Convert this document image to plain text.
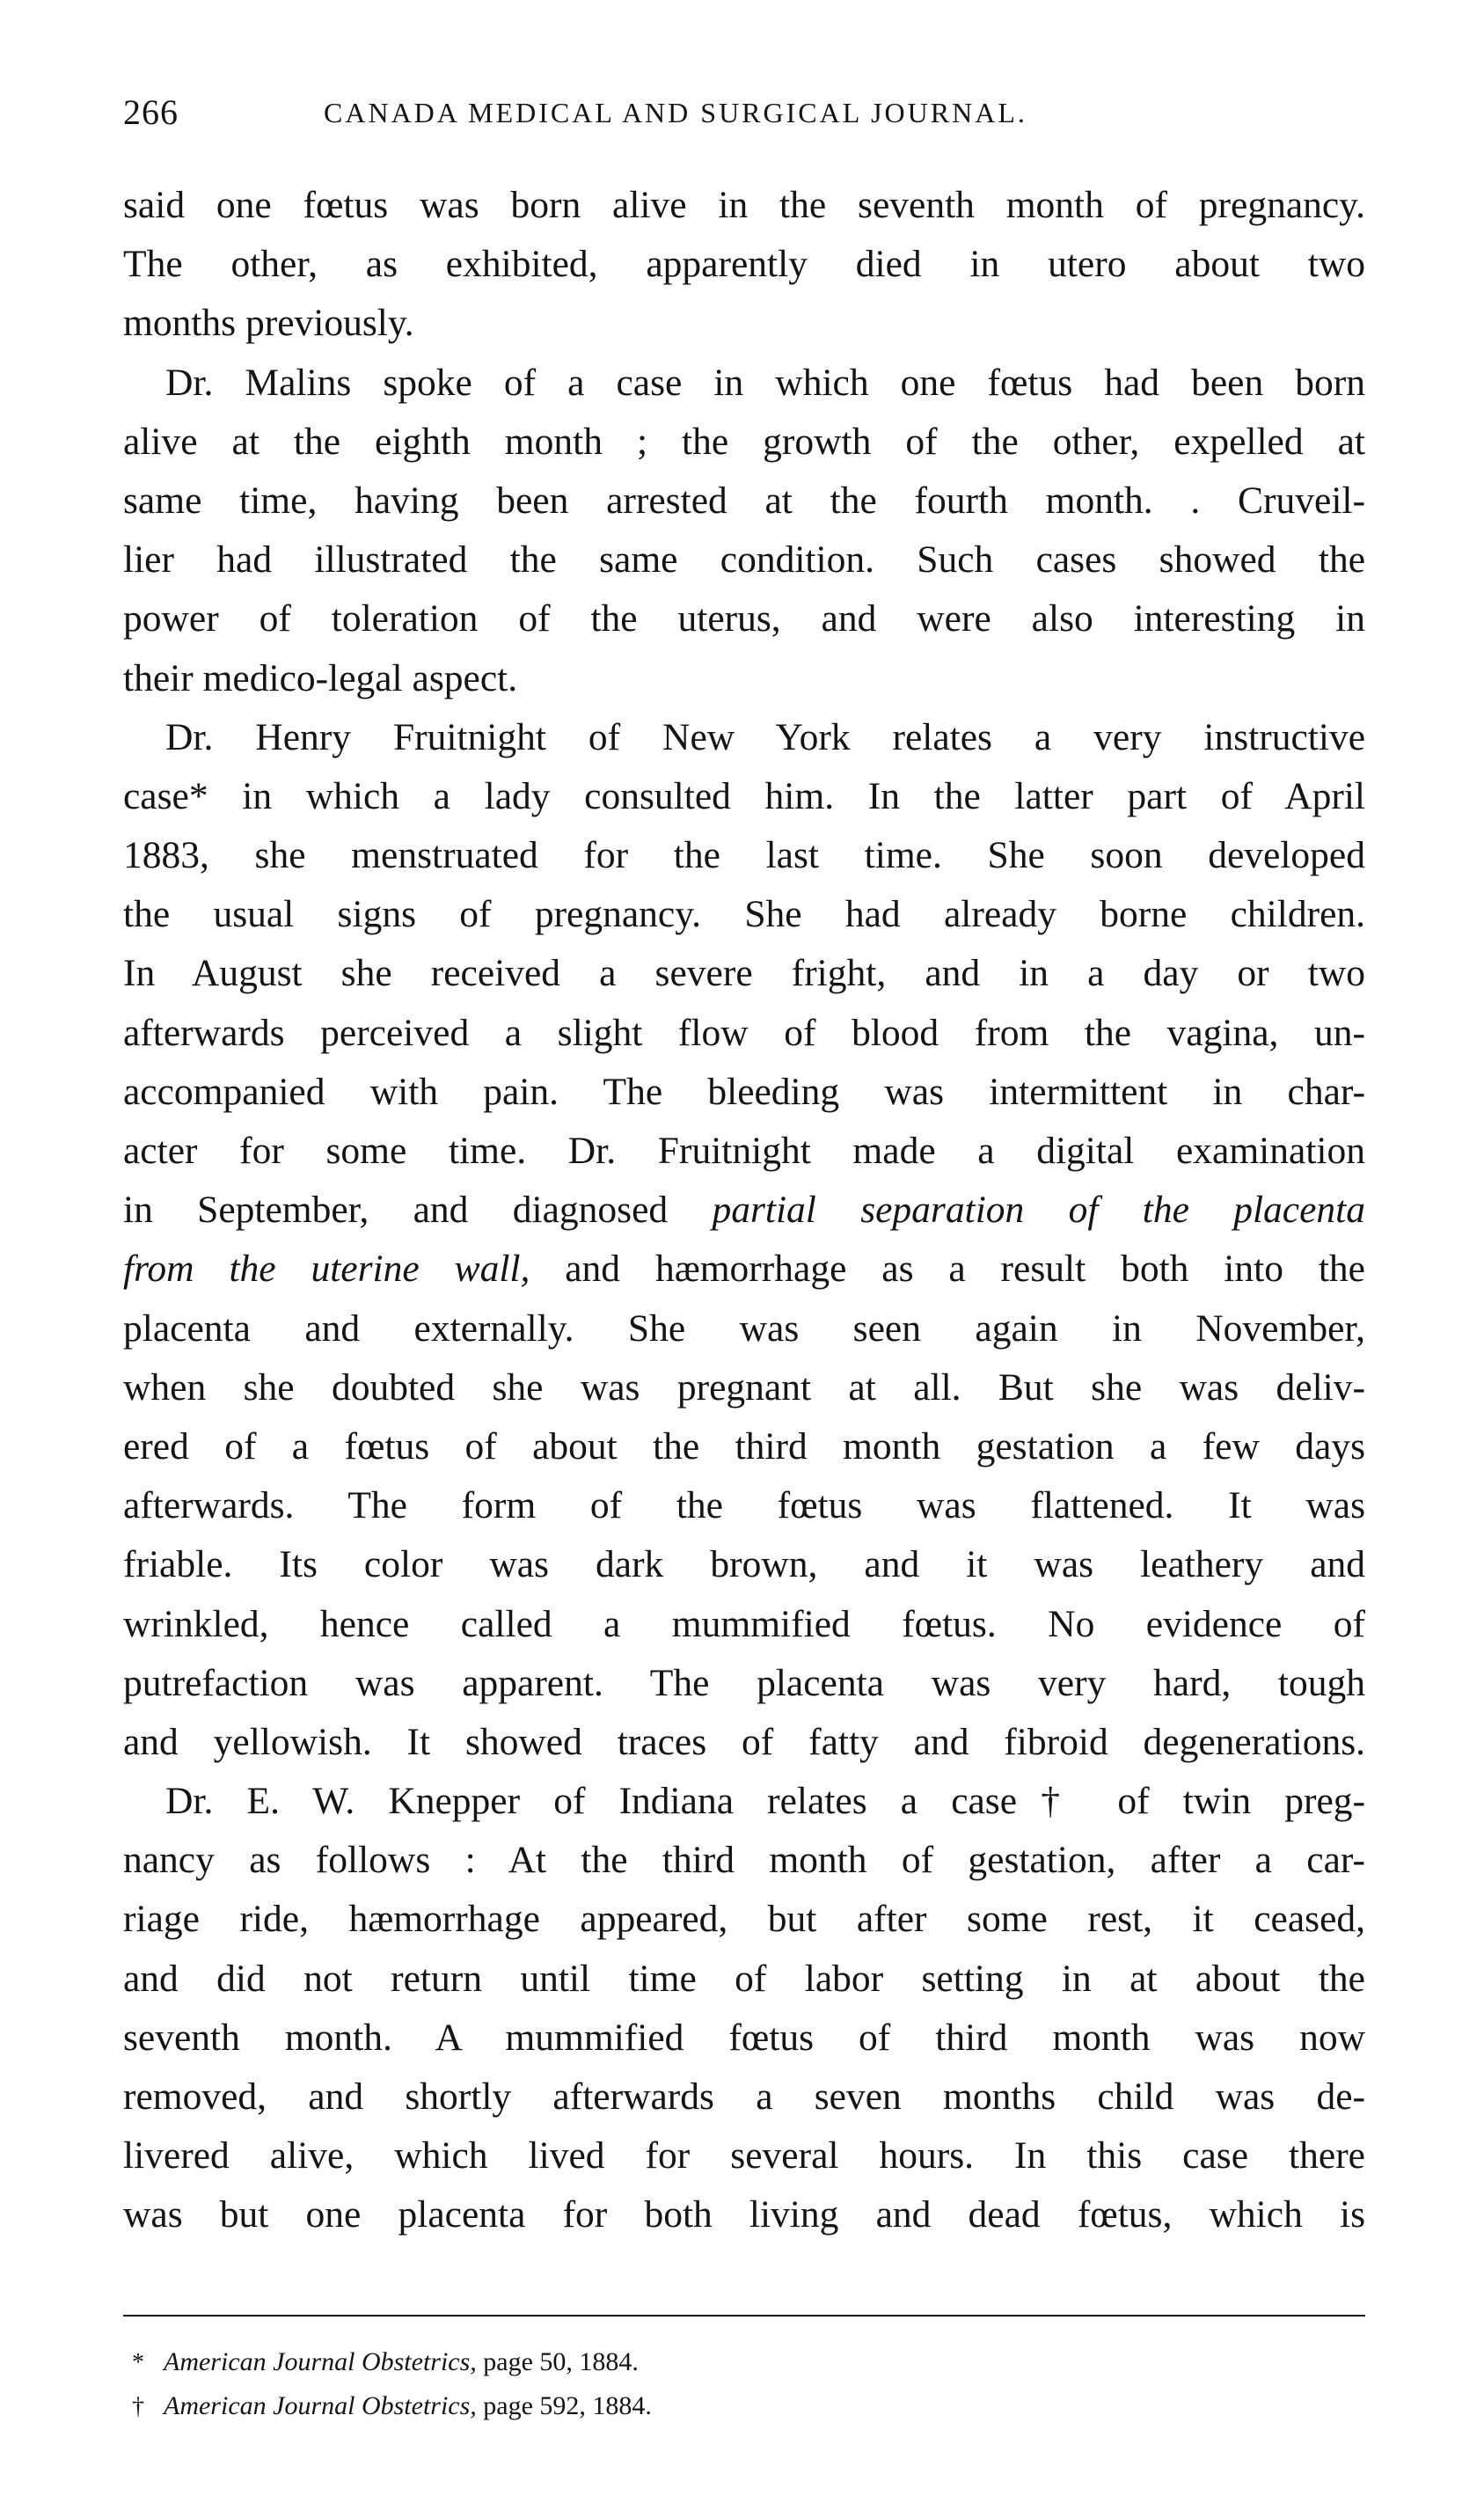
266	CANADA MEDICAL AND SURGICAL JOURNAL.
said one fœtus was born alive in the seventh month of pregnancy.
The other, as exhibited, apparently died in utero about two
months previously.
Dr. Malins spoke of a case in which one fœtus had been born
alive at the eighth month ; the growth of the other, expelled at
same time, having been arrested at the fourth month. . Cruveil-
lier had illustrated the same condition. Such cases showed the
power of toleration of the uterus, and were also interesting in
their medico-legal aspect.
Dr. Henry Fruitnight of New York relates a very instructive
case* in which a lady consulted him. In the latter part of April
1883, she menstruated for the last time. She soon developed
the usual signs of pregnancy. She had already borne children.
In August she received a severe fright, and in a day or two
afterwards perceived a slight flow of blood from the vagina, un-
accompanied with pain. The bleeding was intermittent in char-
acter for some time. Dr. Fruitnight made a digital examination
in September, and diagnosed partial separation of the placenta
from the uterine wall, and hæmorrhage as a result both into the
placenta and externally. She was seen again in November,
when she doubted she was pregnant at all. But she was deliv-
ered of a fœtus of about the third month gestation a few days
afterwards. The form of the fœtus was flattened. It was
friable. Its color was dark brown, and it was leathery and
wrinkled, hence called a mummified fœtus. No evidence of
putrefaction was apparent. The placenta was very hard, tough
and yellowish. It showed traces of fatty and fibroid degenerations.
Dr. E. W. Knepper of Indiana relates a case† of twin preg-
nancy as follows : At the third month of gestation, after a car-
riage ride, hæmorrhage appeared, but after some rest, it ceased,
and did not return until time of labor setting in at about the
seventh month. A mummified fœtus of third month was now
removed, and shortly afterwards a seven months child was de-
livered alive, which lived for several hours. In this case there
was but one placenta for both living and dead fœtus, which is
* American Journal Obstetrics, page 50, 1884.
† American Journal Obstetrics, page 592, 1884.
